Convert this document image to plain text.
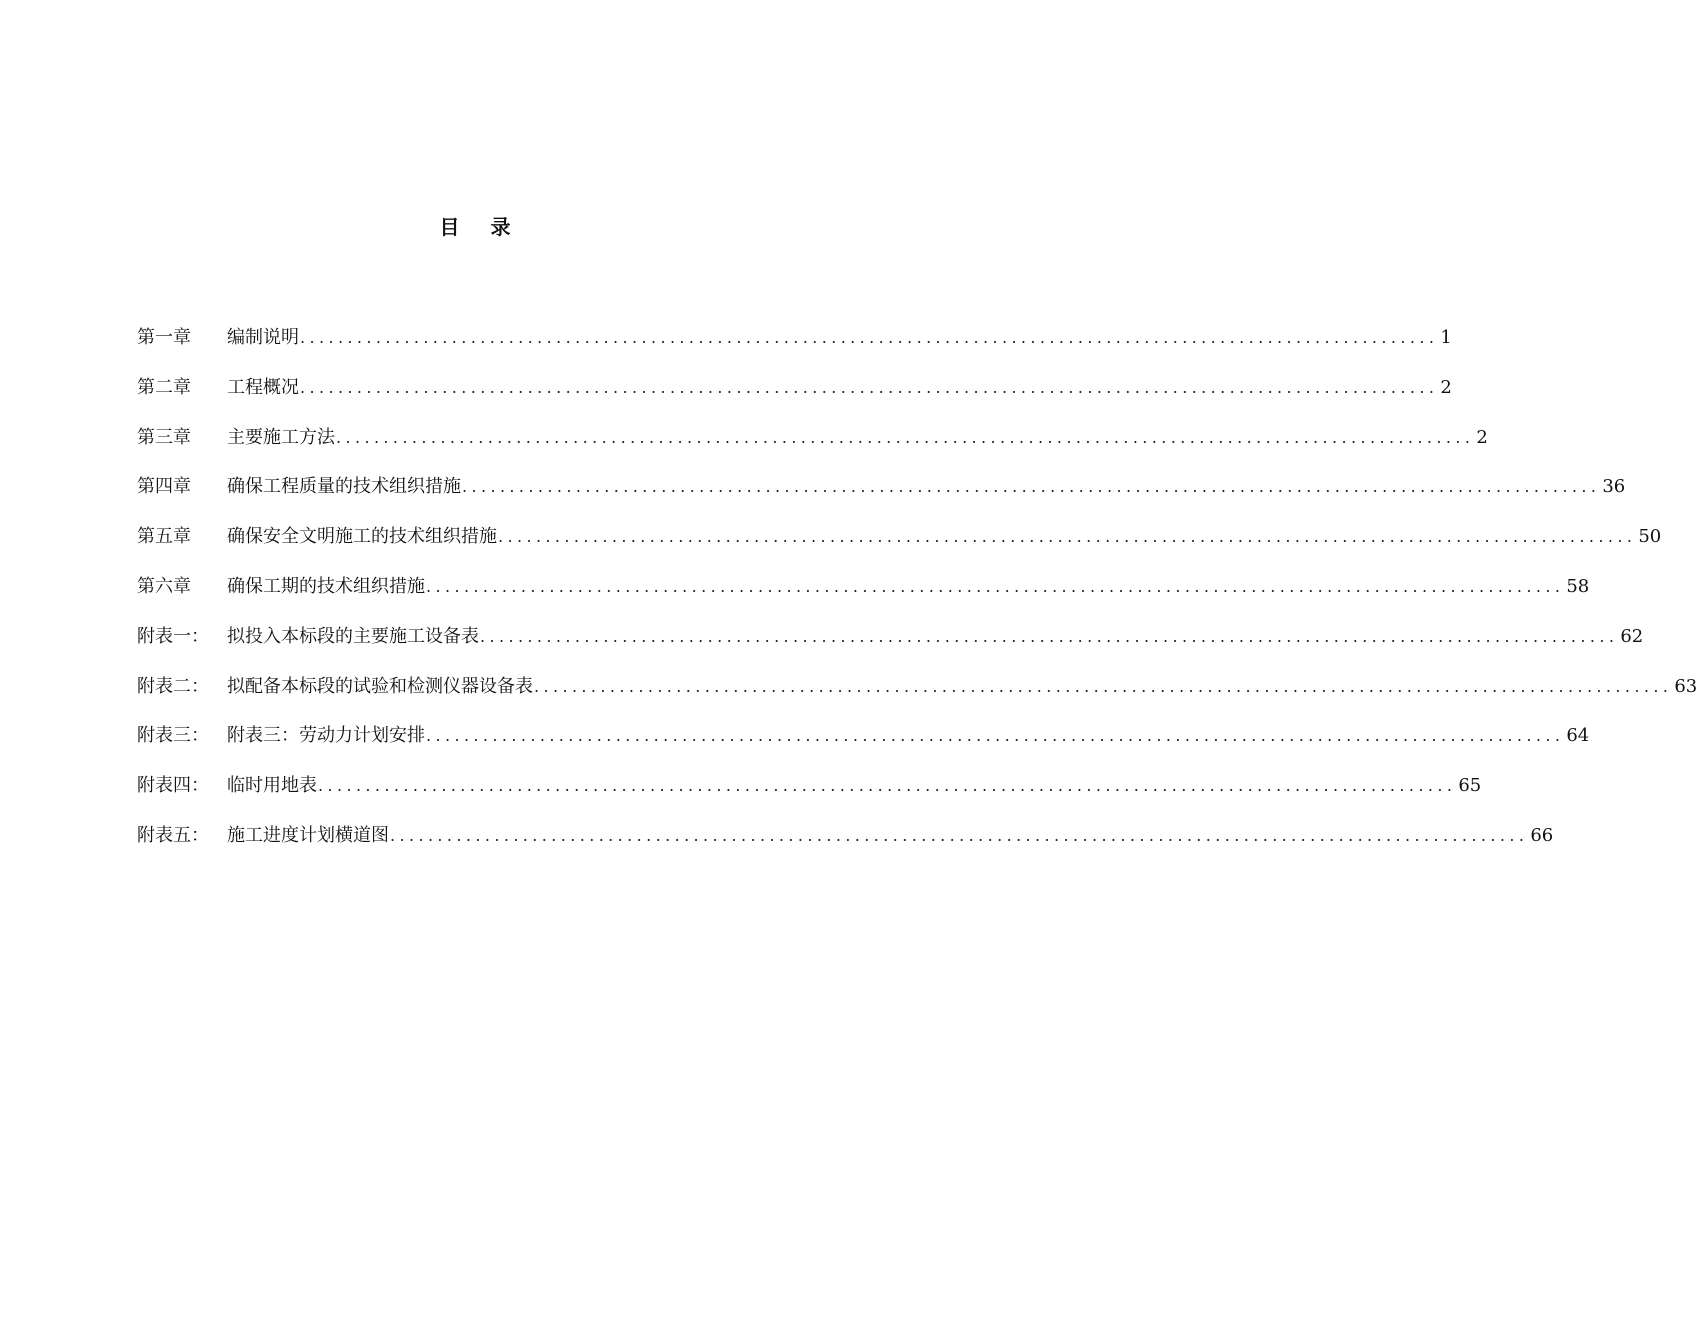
目 录
第一章	编制说明 ........................................................................................................................ 1
第二章	工程概况 ........................................................................................................................ 2
第三章	主要施工方法 ........................................................................................................................ 2
第四章	确保工程质量的技术组织措施 ........................................................................................................................ 36
第五章	确保安全文明施工的技术组织措施 ........................................................................................................................ 50
第六章	确保工期的技术组织措施 ........................................................................................................................ 58
附表一：	拟投入本标段的主要施工设备表 ........................................................................................................................ 62
附表二：	拟配备本标段的试验和检测仪器设备表 ........................................................................................................................ 63
附表三：	附表三：劳动力计划安排 ........................................................................................................................ 64
附表四：	临时用地表 ........................................................................................................................ 65
附表五：	施工进度计划横道图 ........................................................................................................................ 66
